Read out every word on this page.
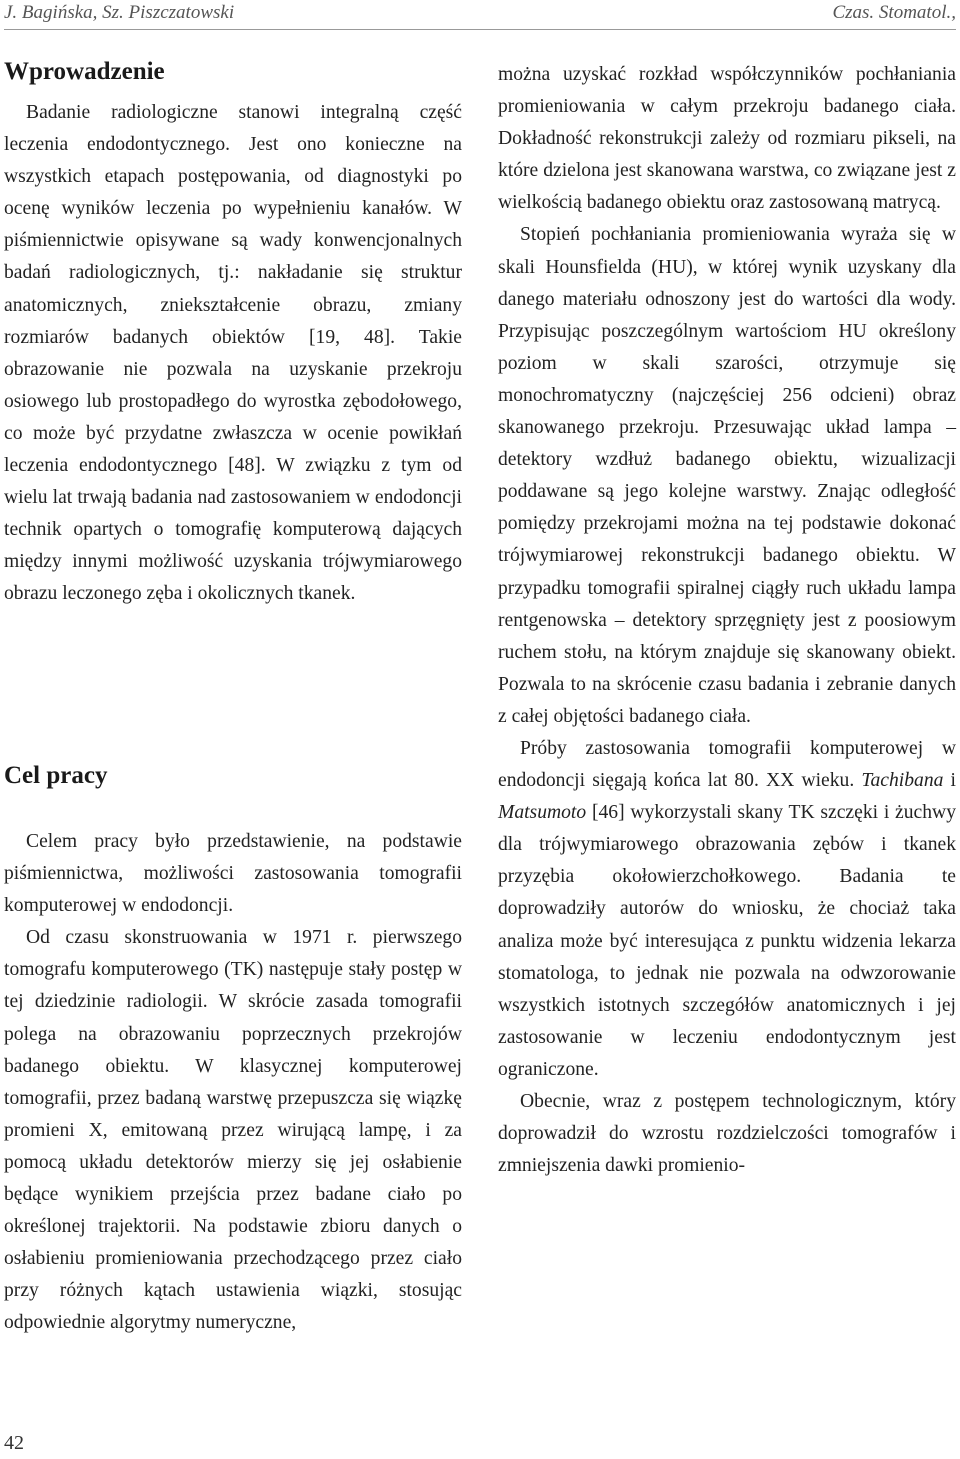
J. Bagińska, Sz. Piszczatowski	Czas. Stomatol.,
Wprowadzenie

Badanie radiologiczne stanowi integralną część leczenia endodontycznego. Jest ono konieczne na wszystkich etapach postępowania, od diagnostyki po ocenę wyników leczenia po wypełnieniu kanałów. W piśmiennictwie opisywane są wady konwencjonalnych badań radiologicznych, tj.: nakładanie się struktur anatomicznych, zniekształcenie obrazu, zmiany rozmiarów badanych obiektów [19, 48]. Takie obrazowanie nie pozwala na uzyskanie przekroju osiowego lub prostopadłego do wyrostka zębodołowego, co może być przydatne zwłaszcza w ocenie powikłań leczenia endodontycznego [48]. W związku z tym od wielu lat trwają badania nad zastosowaniem w endodoncji technik opartych o tomografię komputerową dających między innymi możliwość uzyskania trójwymiarowego obrazu leczonego zęba i okolicznych tkanek.

Cel pracy

Celem pracy było przedstawienie, na podstawie piśmiennictwa, możliwości zastosowania tomografii komputerowej w endodoncji.

Od czasu skonstruowania w 1971 r. pierwszego tomografu komputerowego (TK) następuje stały postęp w tej dziedzinie radiologii. W skrócie zasada tomografii polega na obrazowaniu poprzecznych przekrojów badanego obiektu. W klasycznej komputerowej tomografii, przez badaną warstwę przepuszcza się wiązkę promieni X, emitowaną przez wirującą lampę, i za pomocą układu detektorów mierzy się jej osłabienie będące wynikiem przejścia przez badane ciało po określonej trajektorii. Na podstawie zbioru danych o osłabieniu promieniowania przechodzącego przez ciało przy różnych kątach ustawienia wiązki, stosując odpowiednie algorytmy numeryczne,

można uzyskać rozkład współczynników pochłaniania promieniowania w całym przekroju badanego ciała. Dokładność rekonstrukcji zależy od rozmiaru pikseli, na które dzielona jest skanowana warstwa, co związane jest z wielkością badanego obiektu oraz zastosowaną matrycą.

Stopień pochłaniania promieniowania wyraża się w skali Hounsfielda (HU), w której wynik uzyskany dla danego materiału odnoszony jest do wartości dla wody. Przypisując poszczególnym wartościom HU określony poziom w skali szarości, otrzymuje się monochromatyczny (najczęściej 256 odcieni) obraz skanowanego przekroju. Przesuwając układ lampa – detektory wzdłuż badanego obiektu, wizualizacji poddawane są jego kolejne warstwy. Znając odległość pomiędzy przekrojami można na tej podstawie dokonać trójwymiarowej rekonstrukcji badanego obiektu. W przypadku tomografii spiralnej ciągły ruch układu lampa rentgenowska – detektory sprzęgnięty jest z poosiowym ruchem stołu, na którym znajduje się skanowany obiekt. Pozwala to na skrócenie czasu badania i zebranie danych z całej objętości badanego ciała.

Próby zastosowania tomografii komputerowej w endodoncji sięgają końca lat 80. XX wieku. Tachibana i Matsumoto [46] wykorzystali skany TK szczęki i żuchwy dla trójwymiarowego obrazowania zębów i tkanek przyzębia okołowierzchołkowego. Badania te doprowadziły autorów do wniosku, że chociaż taka analiza może być interesująca z punktu widzenia lekarza stomatologa, to jednak nie pozwala na odwzorowanie wszystkich istotnych szczegółów anatomicznych i jej zastosowanie w leczeniu endodontycznym jest ograniczone.

Obecnie, wraz z postępem technologicznym, który doprowadził do wzrostu rozdzielczości tomografów i zmniejszenia dawki promienio-

42
